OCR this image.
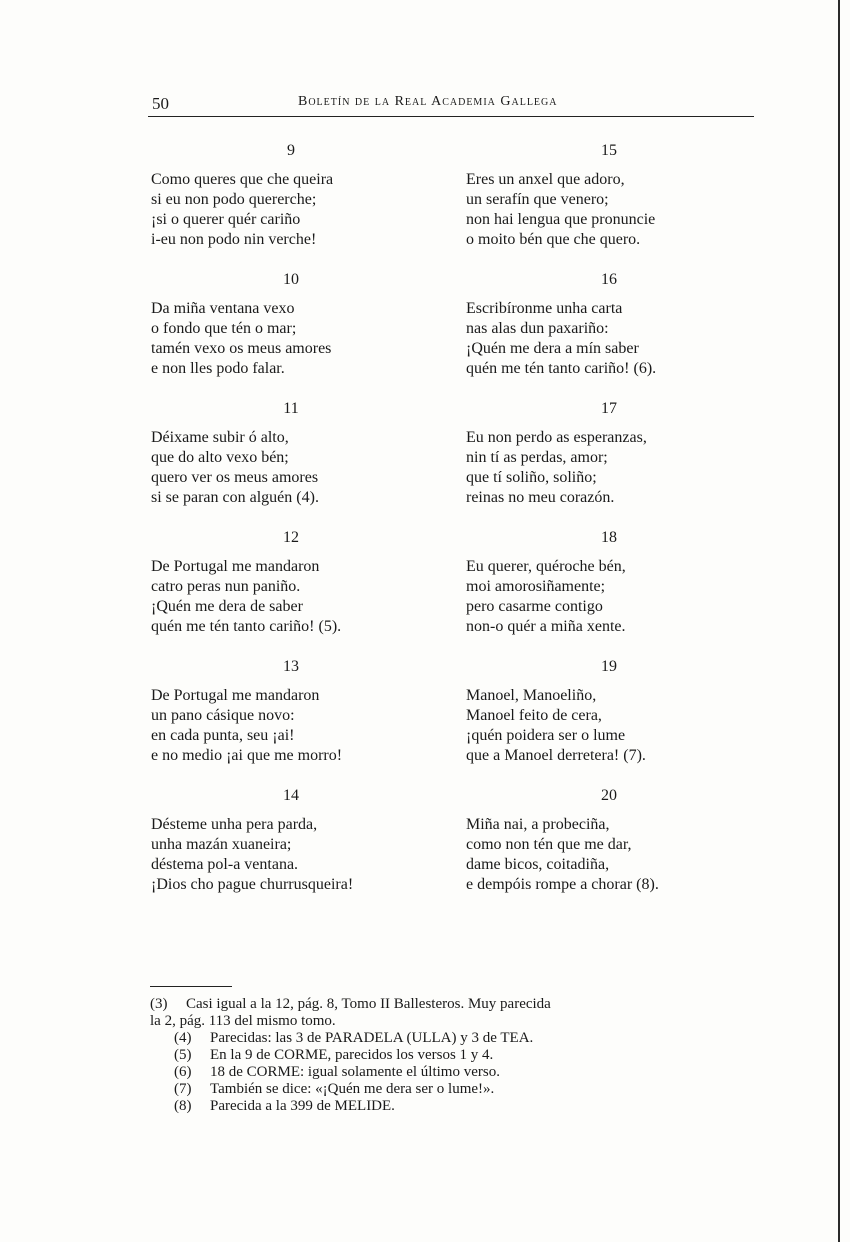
50	Boletín de la Real Academia Gallega
9
Como queres que che queira
si eu non podo quererche;
¡si o querer quér cariño
i-eu non podo nin verche!
10
Da miña ventana vexo
o fondo que tén o mar;
tamén vexo os meus amores
e non lles podo falar.
11
Déixame subir ó alto,
que do alto vexo bén;
quero ver os meus amores
si se paran con alguén (4).
12
De Portugal me mandaron
catro peras nun paniño.
¡Quén me dera de saber
quén me tén tanto cariño! (5).
13
De Portugal me mandaron
un pano cásique novo:
en cada punta, seu ¡ai!
e no medio ¡ai que me morro!
14
Désteme unha pera parda,
unha mazán xuaneira;
déstema pol-a ventana.
¡Dios cho pague churrusqueira!
15
Eres un anxel que adoro,
un serafín que venero;
non hai lengua que pronuncie
o moito bén que che quero.
16
Escribíronme unha carta
nas alas dun paxariño:
¡Quén me dera a mín saber
quén me tén tanto cariño! (6).
17
Eu non perdo as esperanzas,
nin tí as perdas, amor;
que tí soliño, soliño;
reinas no meu corazón.
18
Eu querer, quéroche bén,
moi amorosiñamente;
pero casarme contigo
non-o quér a miña xente.
19
Manoel, Manoeliño,
Manoel feito de cera,
¡quén poidera ser o lume
que a Manoel derretera! (7).
20
Miña nai, a probeciña,
como non tén que me dar,
dame bicos, coitadiña,
e dempóis rompe a chorar (8).
(3) Casi igual a la 12, pág. 8, Tomo II Ballesteros. Muy parecida
la 2, pág. 113 del mismo tomo.
(4) Parecidas: las 3 de PARADELA (ULLA) y 3 de TEA.
(5) En la 9 de CORME, parecidos los versos 1 y 4.
(6) 18 de CORME: igual solamente el último verso.
(7) También se dice: «¡Quén me dera ser o lume!».
(8) Parecida a la 399 de MELIDE.
